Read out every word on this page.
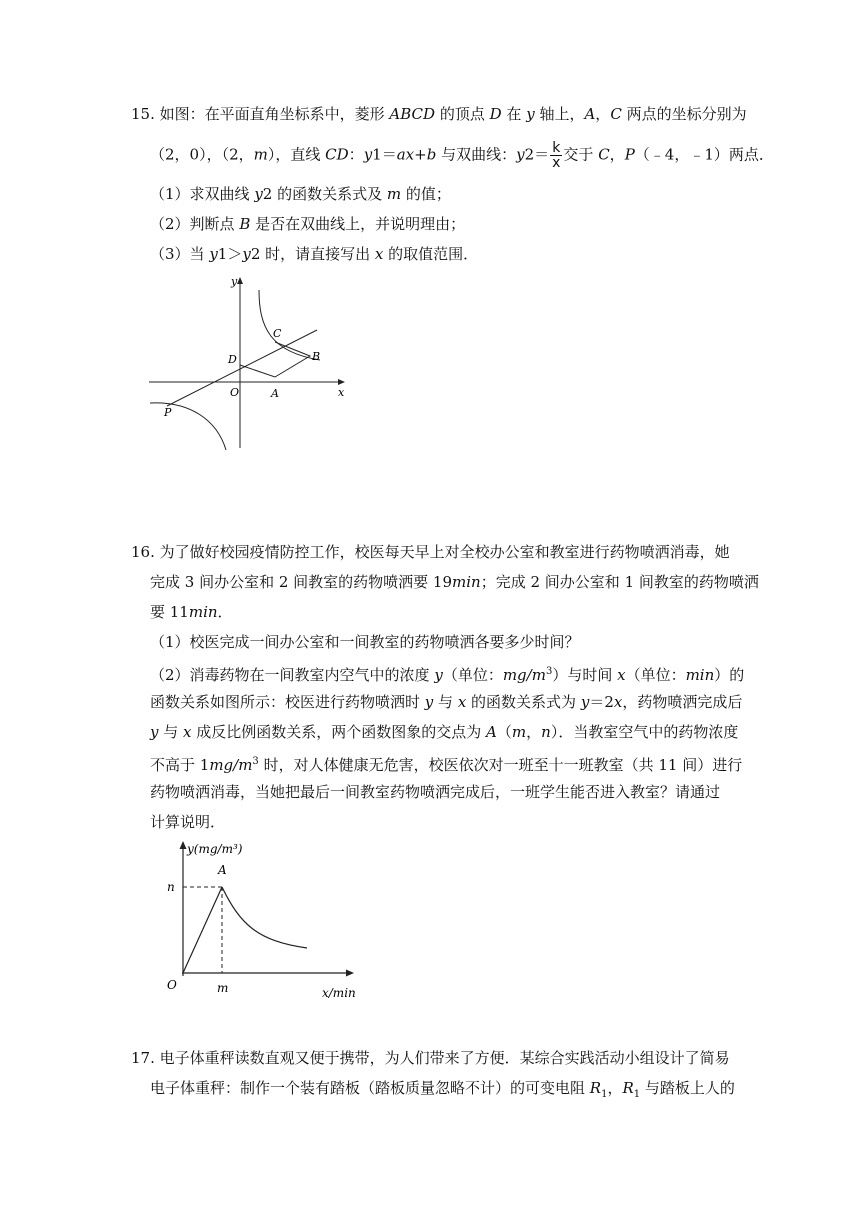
15. 如图：在平面直角坐标系中，菱形 ABCD 的顶点 D 在 y 轴上，A，C 两点的坐标分别为
（2，0），（2，m），直线 CD：y1＝ax+b 与双曲线：$y2= \frac{k}{x}$ 交于 C，P（﹣4，﹣1）两点．
（1）求双曲线 y2 的函数关系式及 m 的值；
（2）判断点 B 是否在双曲线上，并说明理由；
（3）当 y1＞y2 时，请直接写出 x 的取值范围．
y
x
O	A
B
C
D
P
16. 为了做好校园疫情防控工作，校医每天早上对全校办公室和教室进行药物喷洒消毒，她
完成 3 间办公室和 2 间教室的药物喷洒要 19min；完成 2 间办公室和 1 间教室的药物喷洒
要 11min．
（1）校医完成一间办公室和一间教室的药物喷洒各要多少时间？
（2）消毒药物在一间教室内空气中的浓度 y（单位：$mg/m^3$）与时间 x（单位：min）的
函数关系如图所示：校医进行药物喷洒时 y 与 x 的函数关系式为 y＝2x，药物喷洒完成后
y 与 x 成反比例函数关系，两个函数图象的交点为 A（m，n）．当教室空气中的药物浓度
不高于 $1mg/m^3$ 时，对人体健康无危害，校医依次对一班至十一班教室（共 11 间）进行
药物喷洒消毒，当她把最后一间教室药物喷洒完成后，一班学生能否进入教室？请通过
计算说明．
y(mg/m³)
A
n
O	m	x/min
17. 电子体重秤读数直观又便于携带，为人们带来了方便．某综合实践活动小组设计了简易
电子体重秤：制作一个装有踏板（踏板质量忽略不计）的可变电阻 $R_1$，$R_1$ 与踏板上人的
